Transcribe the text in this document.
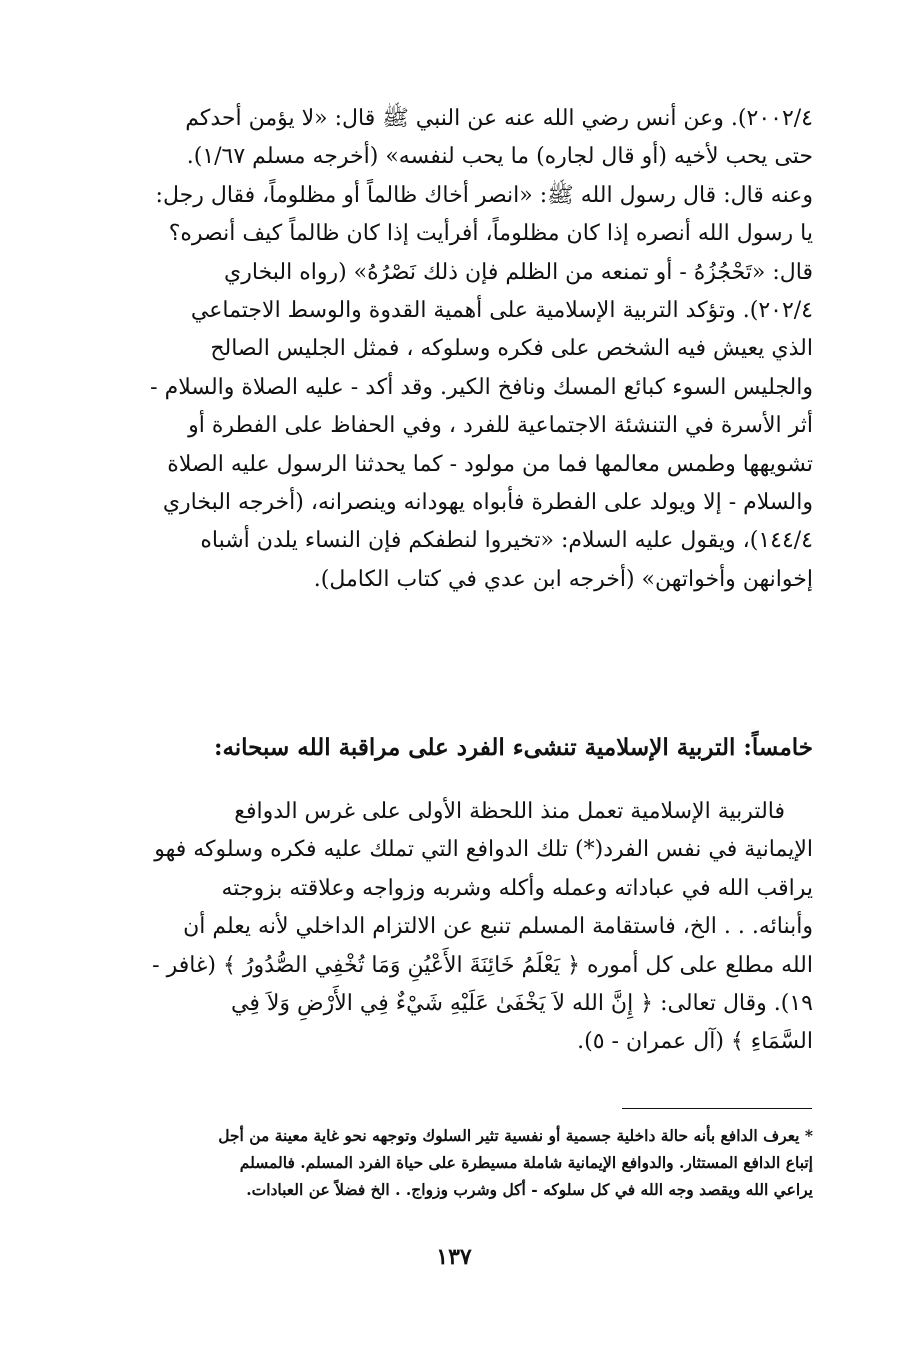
٢٠٠٢/٤). وعن أنس رضي الله عنه عن النبي ﷺ قال: «لا يؤمن أحدكم
حتى يحب لأخيه (أو قال لجاره) ما يحب لنفسه» (أخرجه مسلم ١/٦٧).
وعنه قال: قال رسول الله ﷺ: «انصر أخاك ظالماً أو مظلوماً، فقال رجل:
يا رسول الله أنصره إذا كان مظلوماً، أفرأيت إذا كان ظالماً كيف أنصره؟
قال: «تَحْجُزُهُ - أو تمنعه من الظلم فإن ذلك نَصْرُهُ» (رواه البخاري
٢٠٢/٤). وتؤكد التربية الإسلامية على أهمية القدوة والوسط الاجتماعي
الذي يعيش فيه الشخص على فكره وسلوكه ، فمثل الجليس الصالح
والجليس السوء كبائع المسك ونافخ الكير. وقد أكد - عليه الصلاة والسلام -
أثر الأسرة في التنشئة الاجتماعية للفرد ، وفي الحفاظ على الفطرة أو
تشويهها وطمس معالمها فما من مولود - كما يحدثنا الرسول عليه الصلاة
والسلام - إلا ويولد على الفطرة فأبواه يهودانه وينصرانه، (أخرجه البخاري
١٤٤/٤)، ويقول عليه السلام: «تخيروا لنطفكم فإن النساء يلدن أشباه
إخوانهن وأخواتهن» (أخرجه ابن عدي في كتاب الكامل).

خامساً: التربية الإسلامية تنشىء الفرد على مراقبة الله سبحانه:

فالتربية الإسلامية تعمل منذ اللحظة الأولى على غرس الدوافع
الإيمانية في نفس الفرد(*) تلك الدوافع التي تملك عليه فكره وسلوكه فهو
يراقب الله في عباداته وعمله وأكله وشربه وزواجه وعلاقته بزوجته
وأبنائه. . . الخ، فاستقامة المسلم تنبع عن الالتزام الداخلي لأنه يعلم أن
الله مطلع على كل أموره ﴿ يَعْلَمُ خَائِنَةَ الأَعْيُنِ وَمَا تُخْفِي الصُّدُورُ ﴾ (غافر -
١٩). وقال تعالى: ﴿ إِنَّ الله لاَ يَخْفَىٰ عَلَيْهِ شَيْءٌ فِي الأَرْضِ وَلاَ فِي
السَّمَاءِ ﴾ (آل عمران - ٥).

* يعرف الدافع بأنه حالة داخلية جسمية أو نفسية تثير السلوك وتوجهه نحو غاية معينة من أجل
إتباع الدافع المستثار. والدوافع الإيمانية شاملة مسيطرة على حياة الفرد المسلم. فالمسلم
يراعي الله ويقصد وجه الله في كل سلوكه - أكل وشرب وزواج. . الخ فضلاً عن العبادات.

١٣٧
